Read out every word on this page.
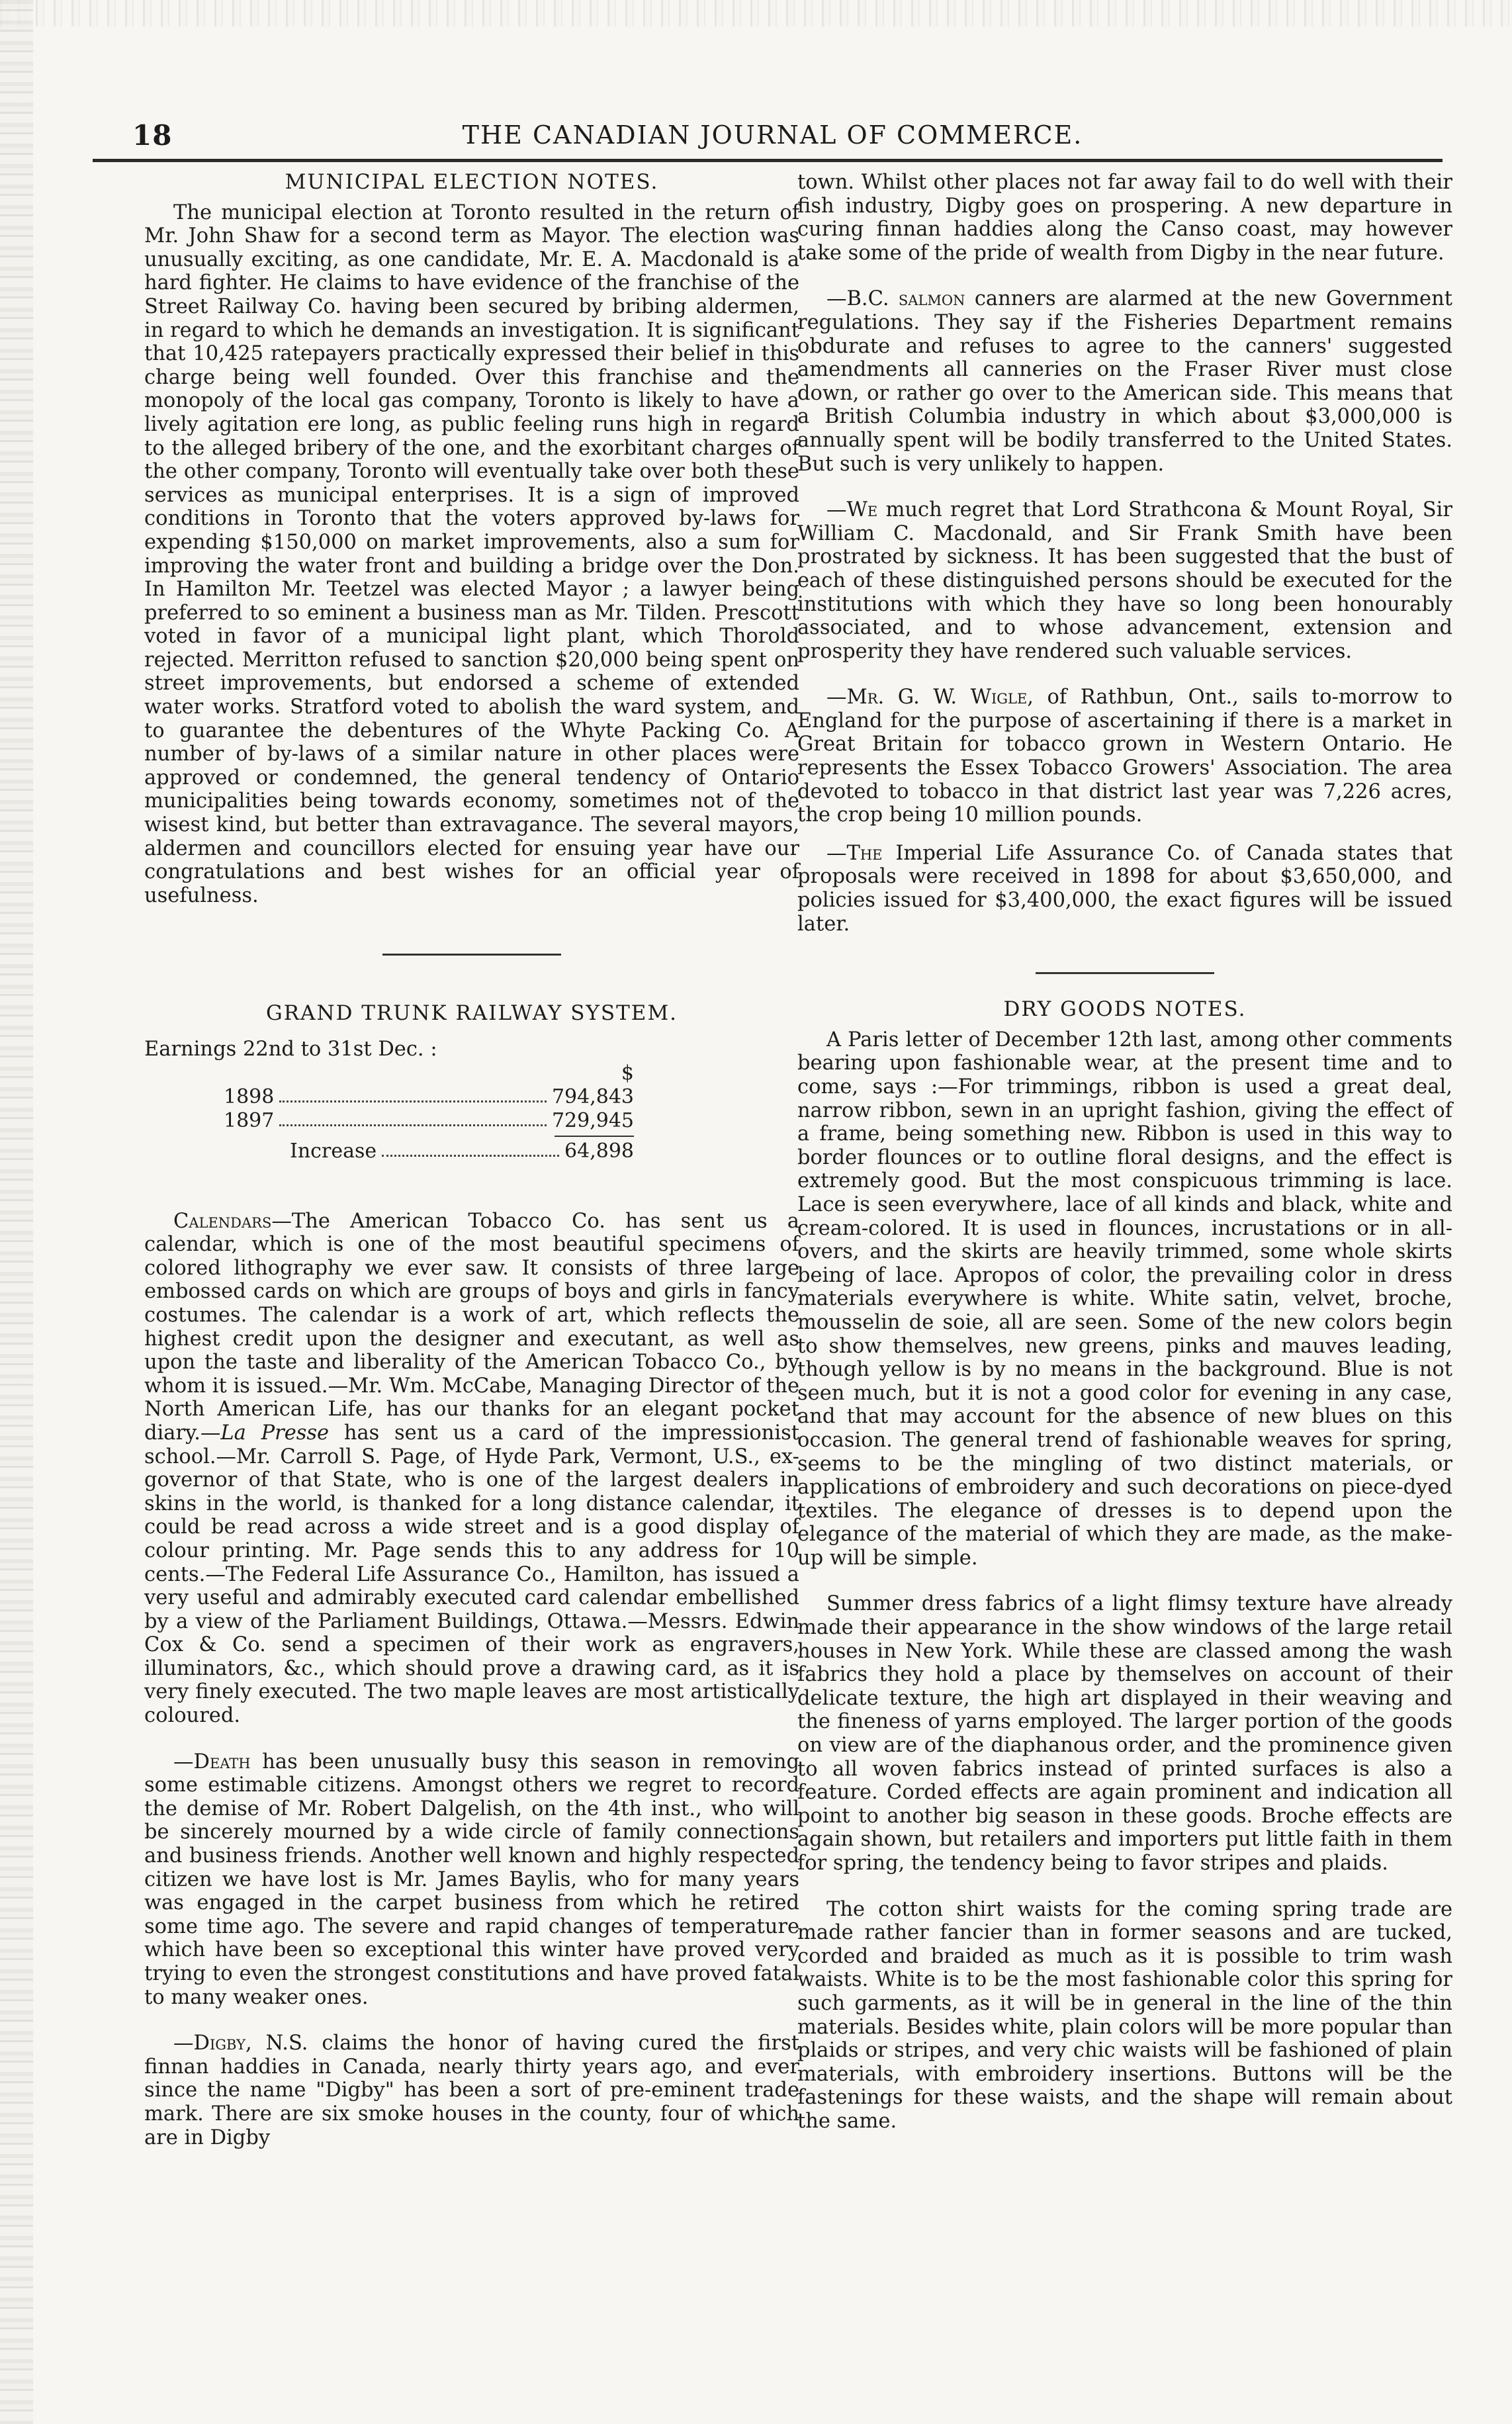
18	THE CANADIAN JOURNAL OF COMMERCE.
MUNICIPAL ELECTION NOTES.

The municipal election at Toronto resulted in the return of Mr. John Shaw for a second term as Mayor. The election was unusually exciting, as one candidate, Mr. E. A. Macdonald is a hard fighter. He claims to have evidence of the franchise of the Street Railway Co. having been secured by bribing aldermen, in regard to which he demands an investigation. It is significant that 10,425 ratepayers practically expressed their belief in this charge being well founded. Over this franchise and the monopoly of the local gas company, Toronto is likely to have a lively agitation ere long, as public feeling runs high in regard to the alleged bribery of the one, and the exorbitant charges of the other company, Toronto will eventually take over both these services as municipal enterprises. It is a sign of improved conditions in Toronto that the voters approved by-laws for expending $150,000 on market improvements, also a sum for improving the water front and building a bridge over the Don. In Hamilton Mr. Teetzel was elected Mayor ; a lawyer being preferred to so eminent a business man as Mr. Tilden. Prescott voted in favor of a municipal light plant, which Thorold rejected. Merritton refused to sanction $20,000 being spent on street improvements, but endorsed a scheme of extended water works. Stratford voted to abolish the ward system, and to guarantee the debentures of the Whyte Packing Co. A number of by-laws of a similar nature in other places were approved or condemned, the general tendency of Ontario municipalities being towards economy, sometimes not of the wisest kind, but better than extravagance. The several mayors, aldermen and councillors elected for ensuing year have our congratulations and best wishes for an official year of usefulness.

GRAND TRUNK RAILWAY SYSTEM.

Earnings 22nd to 31st Dec. :

$
1898	794,843
1897	729,945
Increase	64,898

Calendars—The American Tobacco Co. has sent us a calendar, which is one of the most beautiful specimens of colored lithography we ever saw. It consists of three large embossed cards on which are groups of boys and girls in fancy costumes. The calendar is a work of art, which reflects the highest credit upon the designer and executant, as well as upon the taste and liberality of the American Tobacco Co., by whom it is issued.—Mr. Wm. McCabe, Managing Director of the North American Life, has our thanks for an elegant pocket diary.—La Presse has sent us a card of the impressionist school.—Mr. Carroll S. Page, of Hyde Park, Vermont, U.S., ex-governor of that State, who is one of the largest dealers in skins in the world, is thanked for a long distance calendar, it could be read across a wide street and is a good display of colour printing. Mr. Page sends this to any address for 10 cents.—The Federal Life Assurance Co., Hamilton, has issued a very useful and admirably executed card calendar embellished by a view of the Parliament Buildings, Ottawa.—Messrs. Edwin Cox & Co. send a specimen of their work as engravers, illuminators, &c., which should prove a drawing card, as it is very finely executed. The two maple leaves are most artistically coloured.

—Death has been unusually busy this season in removing some estimable citizens. Amongst others we regret to record the demise of Mr. Robert Dalgelish, on the 4th inst., who will be sincerely mourned by a wide circle of family connections and business friends. Another well known and highly respected citizen we have lost is Mr. James Baylis, who for many years was engaged in the carpet business from which he retired some time ago. The severe and rapid changes of temperature which have been so exceptional this winter have proved very trying to even the strongest constitutions and have proved fatal to many weaker ones.

—Digby, N.S. claims the honor of having cured the first finnan haddies in Canada, nearly thirty years ago, and ever since the name "Digby" has been a sort of pre-eminent trade mark. There are six smoke houses in the county, four of which are in Digby

town. Whilst other places not far away fail to do well with their fish industry, Digby goes on prospering. A new departure in curing finnan haddies along the Canso coast, may however take some of the pride of wealth from Digby in the near future.

—B.C. salmon canners are alarmed at the new Government regulations. They say if the Fisheries Department remains obdurate and refuses to agree to the canners' suggested amendments all canneries on the Fraser River must close down, or rather go over to the American side. This means that a British Columbia industry in which about $3,000,000 is annually spent will be bodily transferred to the United States. But such is very unlikely to happen.

—We much regret that Lord Strathcona & Mount Royal, Sir William C. Macdonald, and Sir Frank Smith have been prostrated by sickness. It has been suggested that the bust of each of these distinguished persons should be executed for the institutions with which they have so long been honourably associated, and to whose advancement, extension and prosperity they have rendered such valuable services.

—Mr. G. W. Wigle, of Rathbun, Ont., sails to-morrow to England for the purpose of ascertaining if there is a market in Great Britain for tobacco grown in Western Ontario. He represents the Essex Tobacco Growers' Association. The area devoted to tobacco in that district last year was 7,226 acres, the crop being 10 million pounds.

—The Imperial Life Assurance Co. of Canada states that proposals were received in 1898 for about $3,650,000, and policies issued for $3,400,000, the exact figures will be issued later.

DRY GOODS NOTES.

A Paris letter of December 12th last, among other comments bearing upon fashionable wear, at the present time and to come, says :—For trimmings, ribbon is used a great deal, narrow ribbon, sewn in an upright fashion, giving the effect of a frame, being something new. Ribbon is used in this way to border flounces or to outline floral designs, and the effect is extremely good. But the most conspicuous trimming is lace. Lace is seen everywhere, lace of all kinds and black, white and cream-colored. It is used in flounces, incrustations or in all-overs, and the skirts are heavily trimmed, some whole skirts being of lace. Apropos of color, the prevailing color in dress materials everywhere is white. White satin, velvet, broche, mousselin de soie, all are seen. Some of the new colors begin to show themselves, new greens, pinks and mauves leading, though yellow is by no means in the background. Blue is not seen much, but it is not a good color for evening in any case, and that may account for the absence of new blues on this occasion. The general trend of fashionable weaves for spring, seems to be the mingling of two distinct materials, or applications of embroidery and such decorations on piece-dyed textiles. The elegance of dresses is to depend upon the elegance of the material of which they are made, as the make-up will be simple.

Summer dress fabrics of a light flimsy texture have already made their appearance in the show windows of the large retail houses in New York. While these are classed among the wash fabrics they hold a place by themselves on account of their delicate texture, the high art displayed in their weaving and the fineness of yarns employed. The larger portion of the goods on view are of the diaphanous order, and the prominence given to all woven fabrics instead of printed surfaces is also a feature. Corded effects are again prominent and indication all point to another big season in these goods. Broche effects are again shown, but retailers and importers put little faith in them for spring, the tendency being to favor stripes and plaids.

The cotton shirt waists for the coming spring trade are made rather fancier than in former seasons and are tucked, corded and braided as much as it is possible to trim wash waists. White is to be the most fashionable color this spring for such garments, as it will be in general in the line of the thin materials. Besides white, plain colors will be more popular than plaids or stripes, and very chic waists will be fashioned of plain materials, with embroidery insertions. Buttons will be the fastenings for these waists, and the shape will remain about the same.
